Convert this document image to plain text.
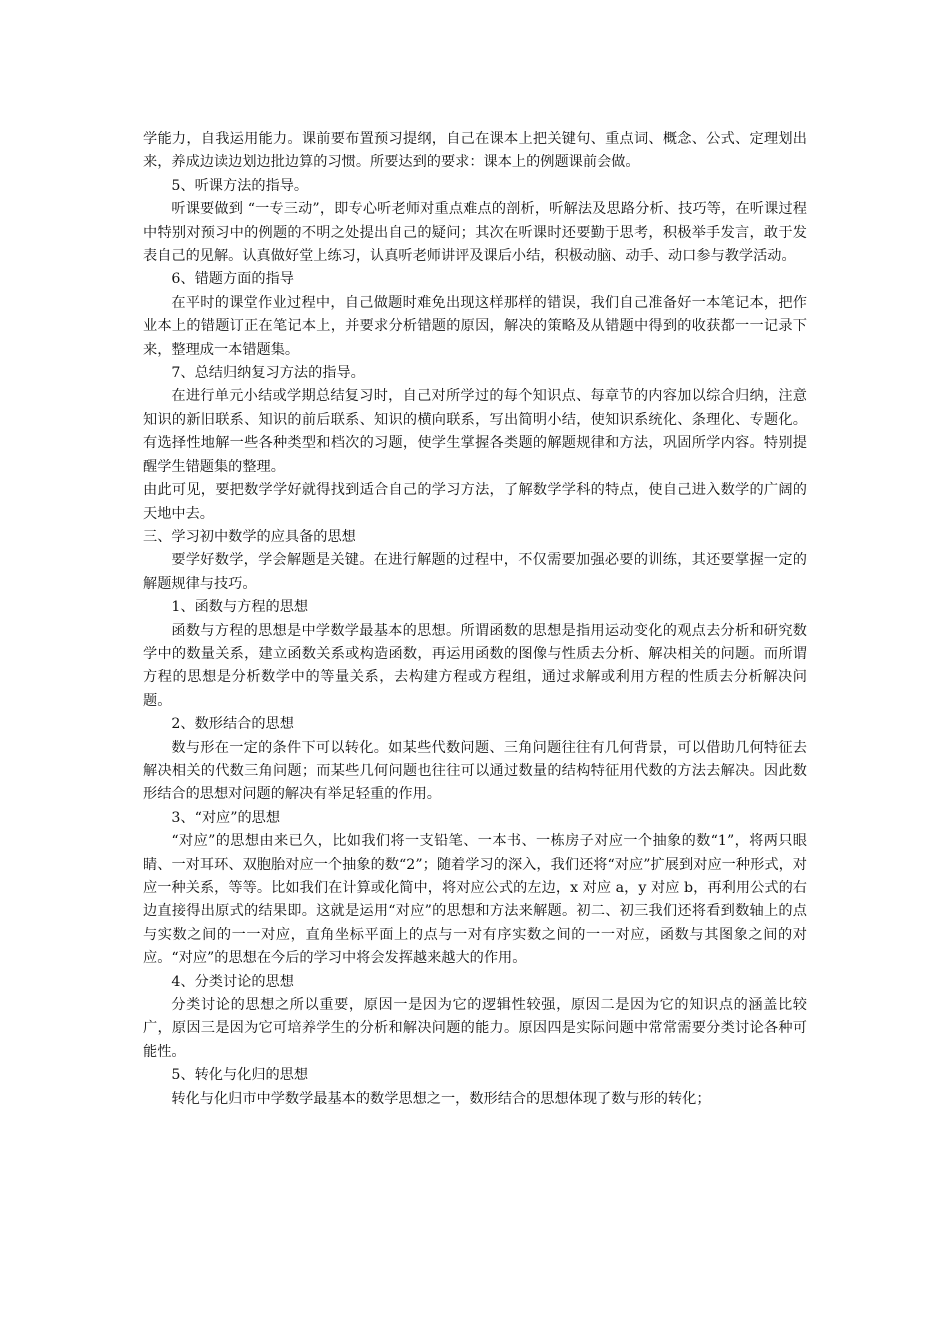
学能力，自我运用能力。课前要布置预习提纲，自己在课本上把关键句、重点词、概念、公式、定理划出来，养成边读边划边批边算的习惯。所要达到的要求：课本上的例题课前会做。

5、听课方法的指导。

听课要做到 “一专三动”，即专心听老师对重点难点的剖析，听解法及思路分析、技巧等，在听课过程中特别对预习中的例题的不明之处提出自己的疑问；其次在听课时还要勤于思考，积极举手发言，敢于发表自己的见解。认真做好堂上练习，认真听老师讲评及课后小结，积极动脑、动手、动口参与教学活动。

6、错题方面的指导

在平时的课堂作业过程中，自己做题时难免出现这样那样的错误，我们自己准备好一本笔记本，把作业本上的错题订正在笔记本上，并要求分析错题的原因，解决的策略及从错题中得到的收获都一一记录下来，整理成一本错题集。

7、总结归纳复习方法的指导。

在进行单元小结或学期总结复习时，自己对所学过的每个知识点、每章节的内容加以综合归纳，注意知识的新旧联系、知识的前后联系、知识的横向联系，写出简明小结，使知识系统化、条理化、专题化。有选择性地解一些各种类型和档次的习题，使学生掌握各类题的解题规律和方法，巩固所学内容。特别提醒学生错题集的整理。

由此可见，要把数学学好就得找到适合自己的学习方法，了解数学学科的特点，使自己进入数学的广阔的天地中去。

三、学习初中数学的应具备的思想

要学好数学，学会解题是关键。在进行解题的过程中，不仅需要加强必要的训练，其还要掌握一定的解题规律与技巧。

1、函数与方程的思想

函数与方程的思想是中学数学最基本的思想。所谓函数的思想是指用运动变化的观点去分析和研究数学中的数量关系，建立函数关系或构造函数，再运用函数的图像与性质去分析、解决相关的问题。而所谓方程的思想是分析数学中的等量关系，去构建方程或方程组，通过求解或利用方程的性质去分析解决问题。

2、数形结合的思想

数与形在一定的条件下可以转化。如某些代数问题、三角问题往往有几何背景，可以借助几何特征去解决相关的代数三角问题；而某些几何问题也往往可以通过数量的结构特征用代数的方法去解决。因此数形结合的思想对问题的解决有举足轻重的作用。

3、“对应”的思想

“对应”的思想由来已久，比如我们将一支铅笔、一本书、一栋房子对应一个抽象的数“1”，将两只眼睛、一对耳环、双胞胎对应一个抽象的数“2”；随着学习的深入，我们还将“对应”扩展到对应一种形式，对应一种关系，等等。比如我们在计算或化简中，将对应公式的左边，x 对应 a，y 对应 b，再利用公式的右边直接得出原式的结果即。这就是运用“对应”的思想和方法来解题。初二、初三我们还将看到数轴上的点与实数之间的一一对应，直角坐标平面上的点与一对有序实数之间的一一对应，函数与其图象之间的对应。“对应”的思想在今后的学习中将会发挥越来越大的作用。

4、分类讨论的思想

分类讨论的思想之所以重要，原因一是因为它的逻辑性较强，原因二是因为它的知识点的涵盖比较广，原因三是因为它可培养学生的分析和解决问题的能力。原因四是实际问题中常常需要分类讨论各种可能性。

5、转化与化归的思想

转化与化归市中学数学最基本的数学思想之一，数形结合的思想体现了数与形的转化；
